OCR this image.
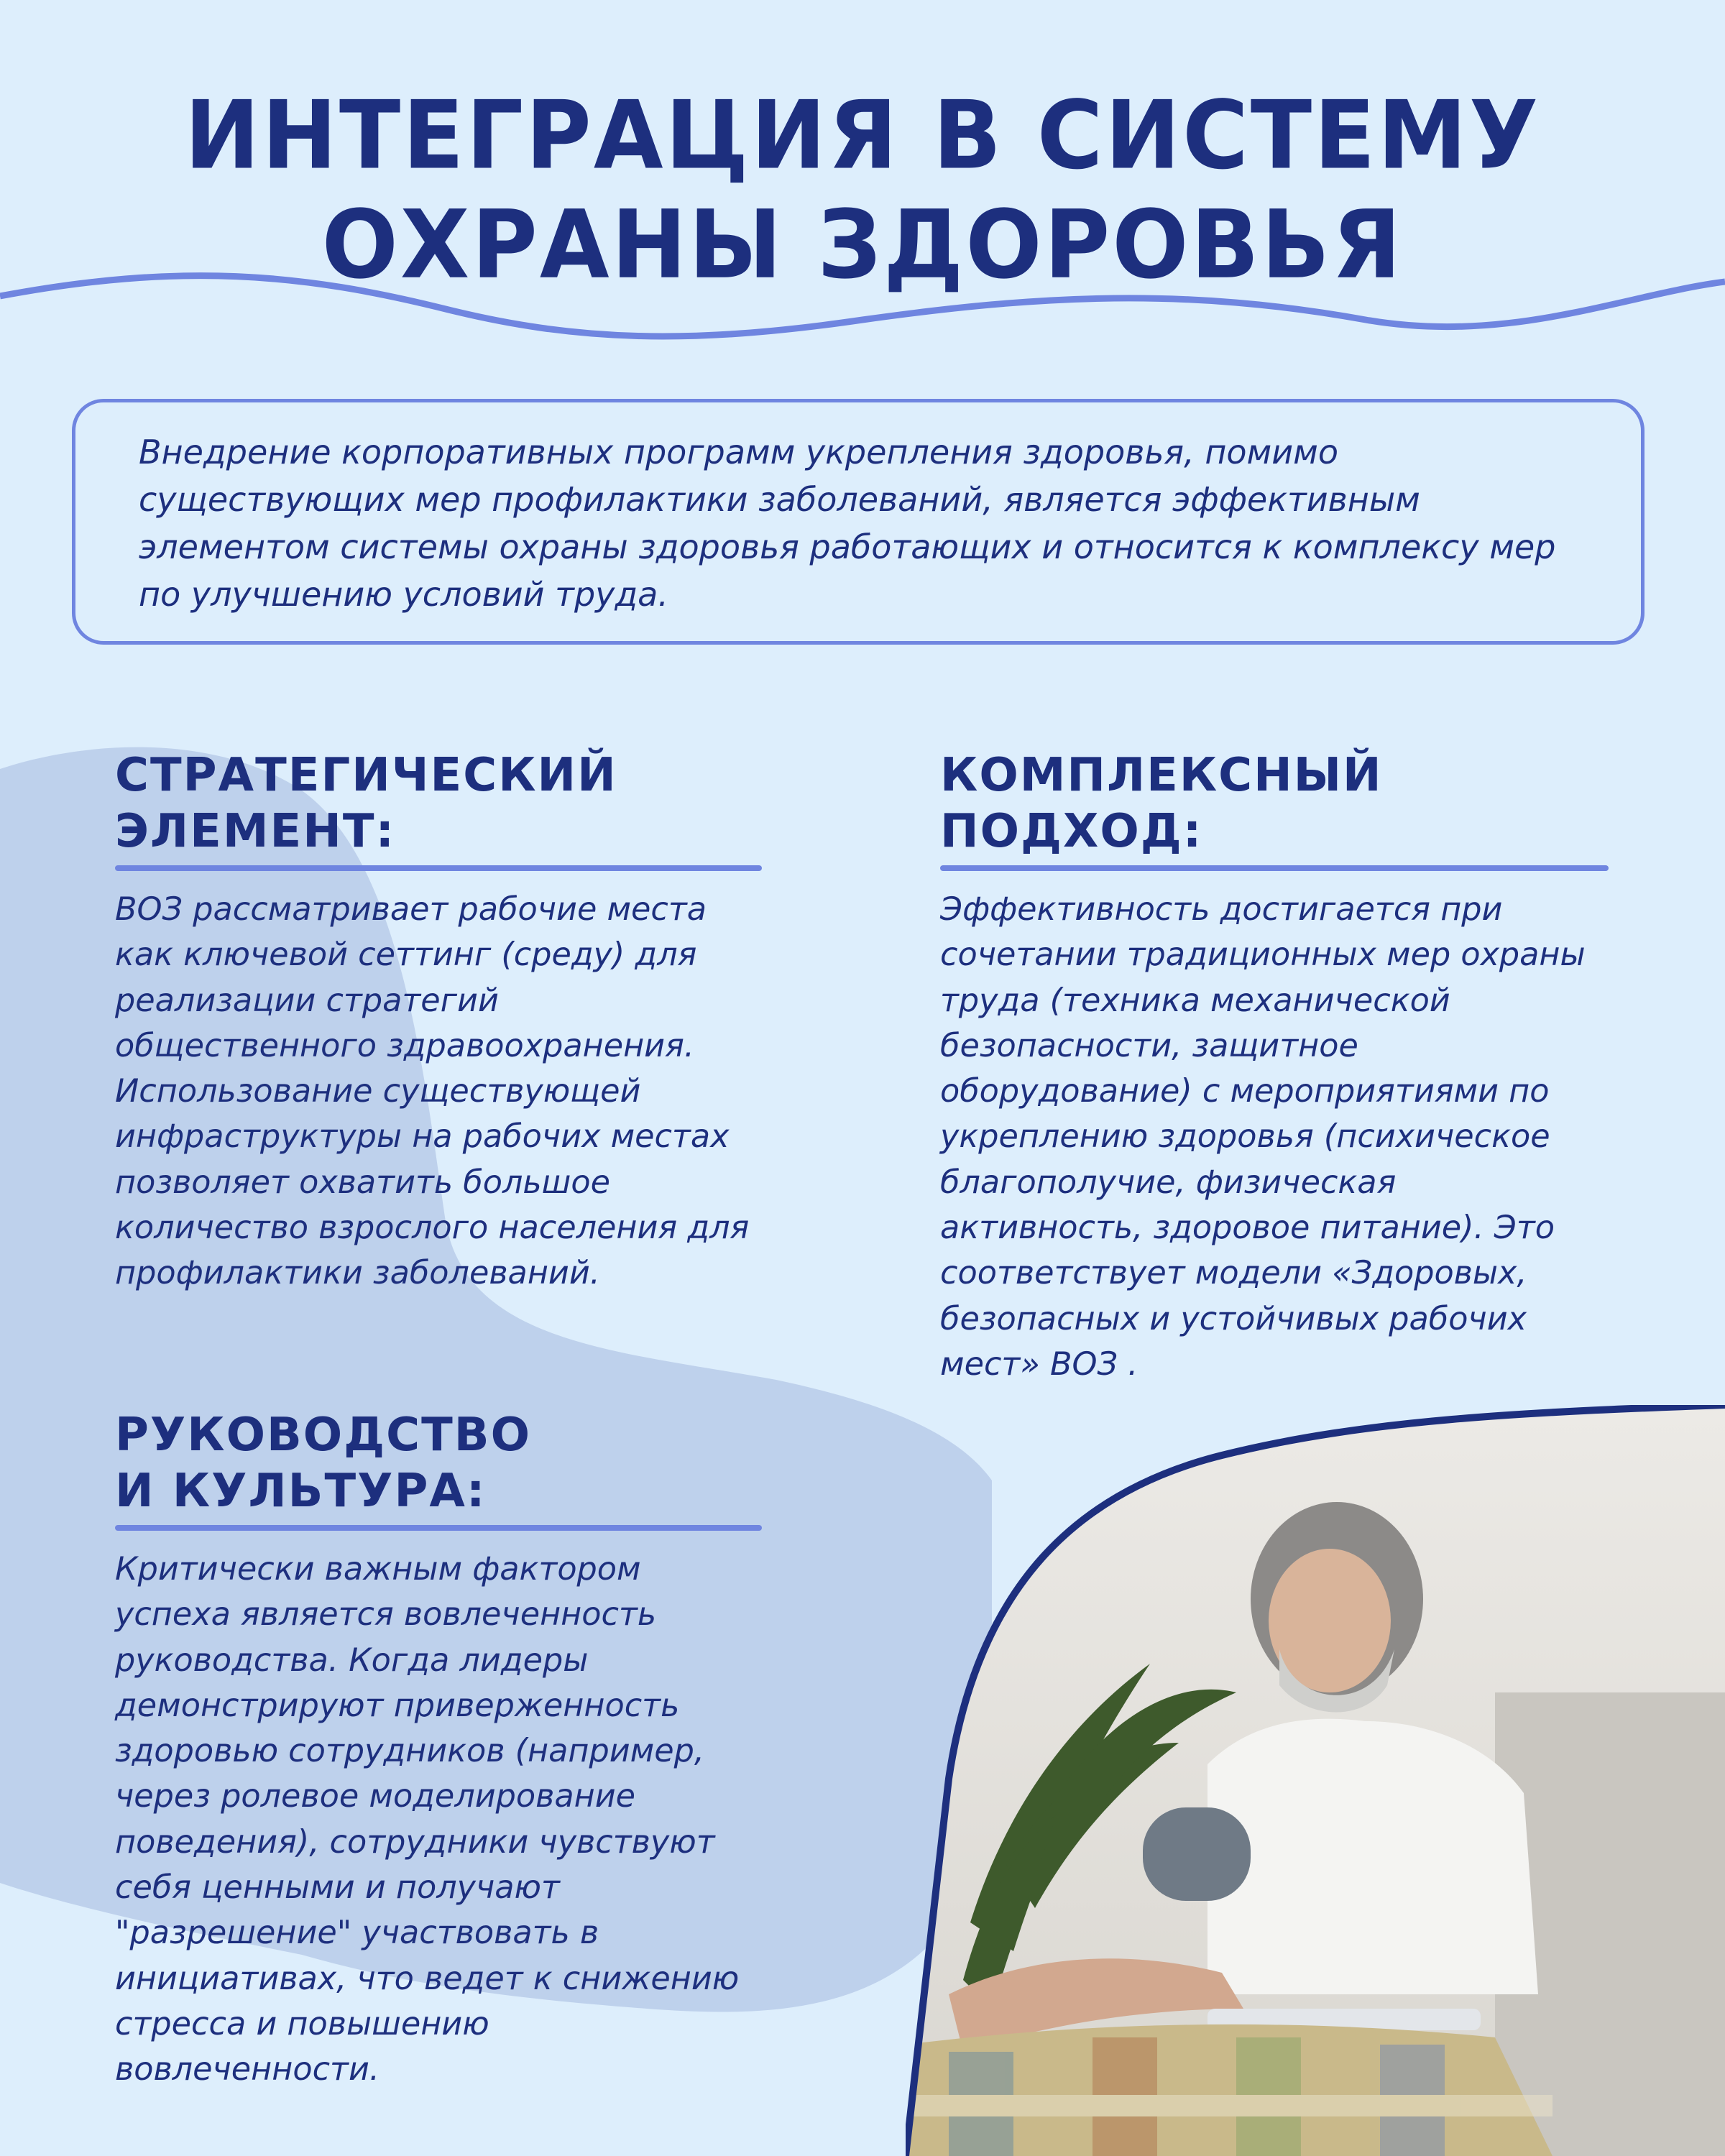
ИНТЕГРАЦИЯ В СИСТЕМУ
ОХРАНЫ ЗДОРОВЬЯ
Внедрение корпоративных программ укрепления здоровья, помимо существующих мер профилактики заболеваний, является эффективным элементом системы охраны здоровья работающих и относится к комплексу мер по улучшению условий труда.
СТРАТЕГИЧЕСКИЙ
ЭЛЕМЕНТ:

ВОЗ рассматривает рабочие места как ключевой сеттинг (среду) для реализации стратегий общественного здравоохранения. Использование существующей инфраструктуры на рабочих местах позволяет охватить большое количество взрослого населения для профилактики заболеваний.

КОМПЛЕКСНЫЙ
ПОДХОД:

Эффективность достигается при сочетании традиционных мер охраны труда (техника механической безопасности, защитное оборудование) с мероприятиями по укреплению здоровья (психическое благополучие, физическая активность, здоровое питание). Это соответствует модели «Здоровых, безопасных и устойчивых рабочих мест» ВОЗ .

РУКОВОДСТВО
И КУЛЬТУРА:

Критически важным фактором успеха является вовлеченность руководства. Когда лидеры демонстрируют приверженность здоровью сотрудников (например, через ролевое моделирование поведения), сотрудники чувствуют себя ценными и получают "разрешение" участвовать в инициативах, что ведет к снижению стресса и повышению вовлеченности.
